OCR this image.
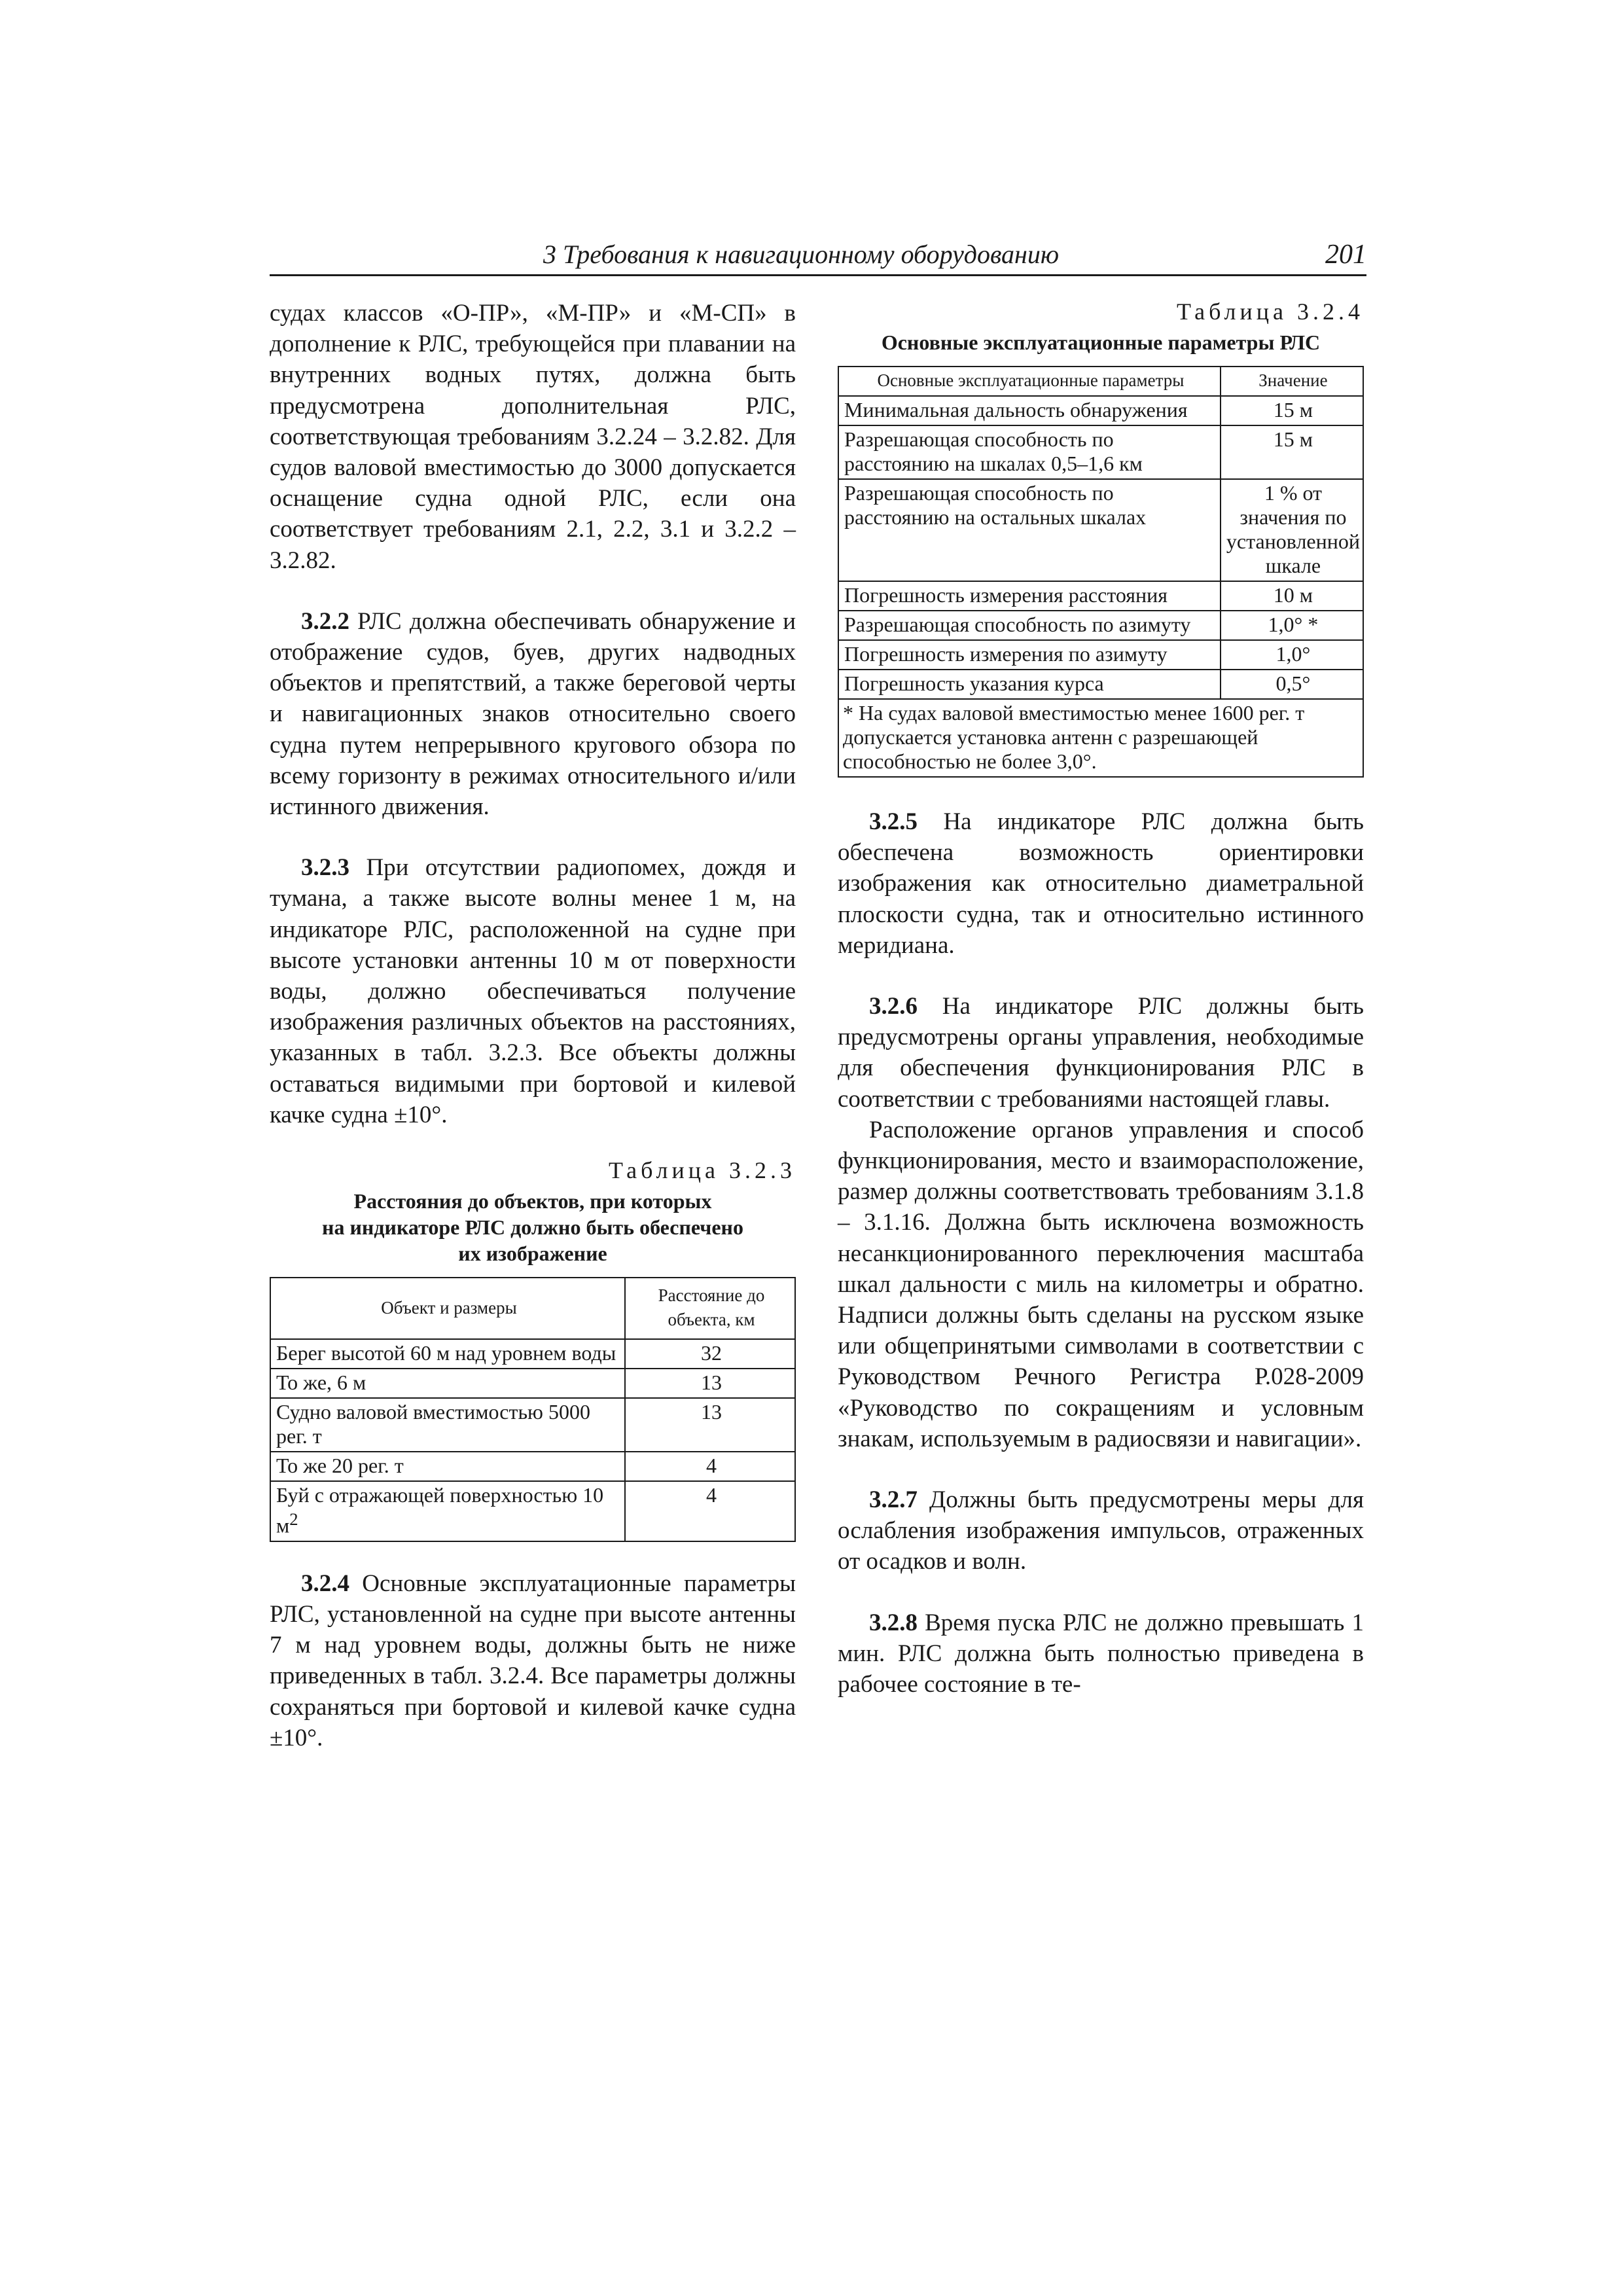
3 Требования к навигационному оборудованию	201

судах классов «О-ПР», «М-ПР» и «М-СП» в дополнение к РЛС, требующейся при плавании на внутренних водных путях, должна быть предусмотрена дополнительная РЛС, соответствующая требованиям 3.2.24 – 3.2.82. Для судов валовой вместимостью до 3000 допускается оснащение судна одной РЛС, если она соответствует требованиям 2.1, 2.2, 3.1 и 3.2.2 – 3.2.82.

3.2.2 РЛС должна обеспечивать обнаружение и отображение судов, буев, других надводных объектов и препятствий, а также береговой черты и навигационных знаков относительно своего судна путем непрерывного кругового обзора по всему горизонту в режимах относительного и/или истинного движения.

3.2.3 При отсутствии радиопомех, дождя и тумана, а также высоте волны менее 1 м, на индикаторе РЛС, расположенной на судне при высоте установки антенны 10 м от поверхности воды, должно обеспечиваться получение изображения различных объектов на расстояниях, указанных в табл. 3.2.3. Все объекты должны оставаться видимыми при бортовой и килевой качке судна ±10°.

Таблица 3.2.3
Расстояния до объектов, при которых
на индикаторе РЛС должно быть обеспечено
их изображение
Объект и размеры	Расстояние до
объекта, км

Берег высотой 60 м над уровнем воды	32
То же, 6 м	13
Судно валовой вместимостью 5000 рег. т	13
То же 20 рег. т	4
Буй с отражающей поверхностью 10 $м^2$	4

3.2.4 Основные эксплуатационные параметры РЛС, установленной на судне при высоте антенны 7 м над уровнем воды, должны быть не ниже приведенных в табл. 3.2.4. Все параметры должны сохраняться при бортовой и килевой качке судна ±10°.

Таблица 3.2.4
Основные эксплуатационные параметры РЛС
Основные эксплуатационные параметры	Значение
Минимальная дальность обнаружения	15 м
Разрешающая способность по расстоянию на шкалах 0,5–1,6 км	15 м
Разрешающая способность по расстоянию на остальных шкалах	1 % от значения по установленной шкале
Погрешность измерения расстояния	10 м
Разрешающая способность по азимуту	1,0° *
Погрешность измерения по азимуту	1,0°
Погрешность указания курса	0,5°
* На судах валовой вместимостью менее 1600 рег. т допускается установка антенн с разрешающей способностью не более 3,0°.	

3.2.5 На индикаторе РЛС должна быть обеспечена возможность ориентировки изображения как относительно диаметральной плоскости судна, так и относительно истинного меридиана.

3.2.6 На индикаторе РЛС должны быть предусмотрены органы управления, необходимые для обеспечения функционирования РЛС в соответствии с требованиями настоящей главы.

Расположение органов управления и способ функционирования, место и взаиморасположение, размер должны соответствовать требованиям 3.1.8 – 3.1.16. Должна быть исключена возможность несанкционированного переключения масштаба шкал дальности с миль на километры и обратно. Надписи должны быть сделаны на русском языке или общепринятыми символами в соответствии с Руководством Речного Регистра Р.028-2009 «Руководство по сокращениям и условным знакам, используемым в радиосвязи и навигации».

3.2.7 Должны быть предусмотрены меры для ослабления изображения импульсов, отраженных от осадков и волн.

3.2.8 Время пуска РЛС не должно превышать 1 мин. РЛС должна быть полностью приведена в рабочее состояние в те-
